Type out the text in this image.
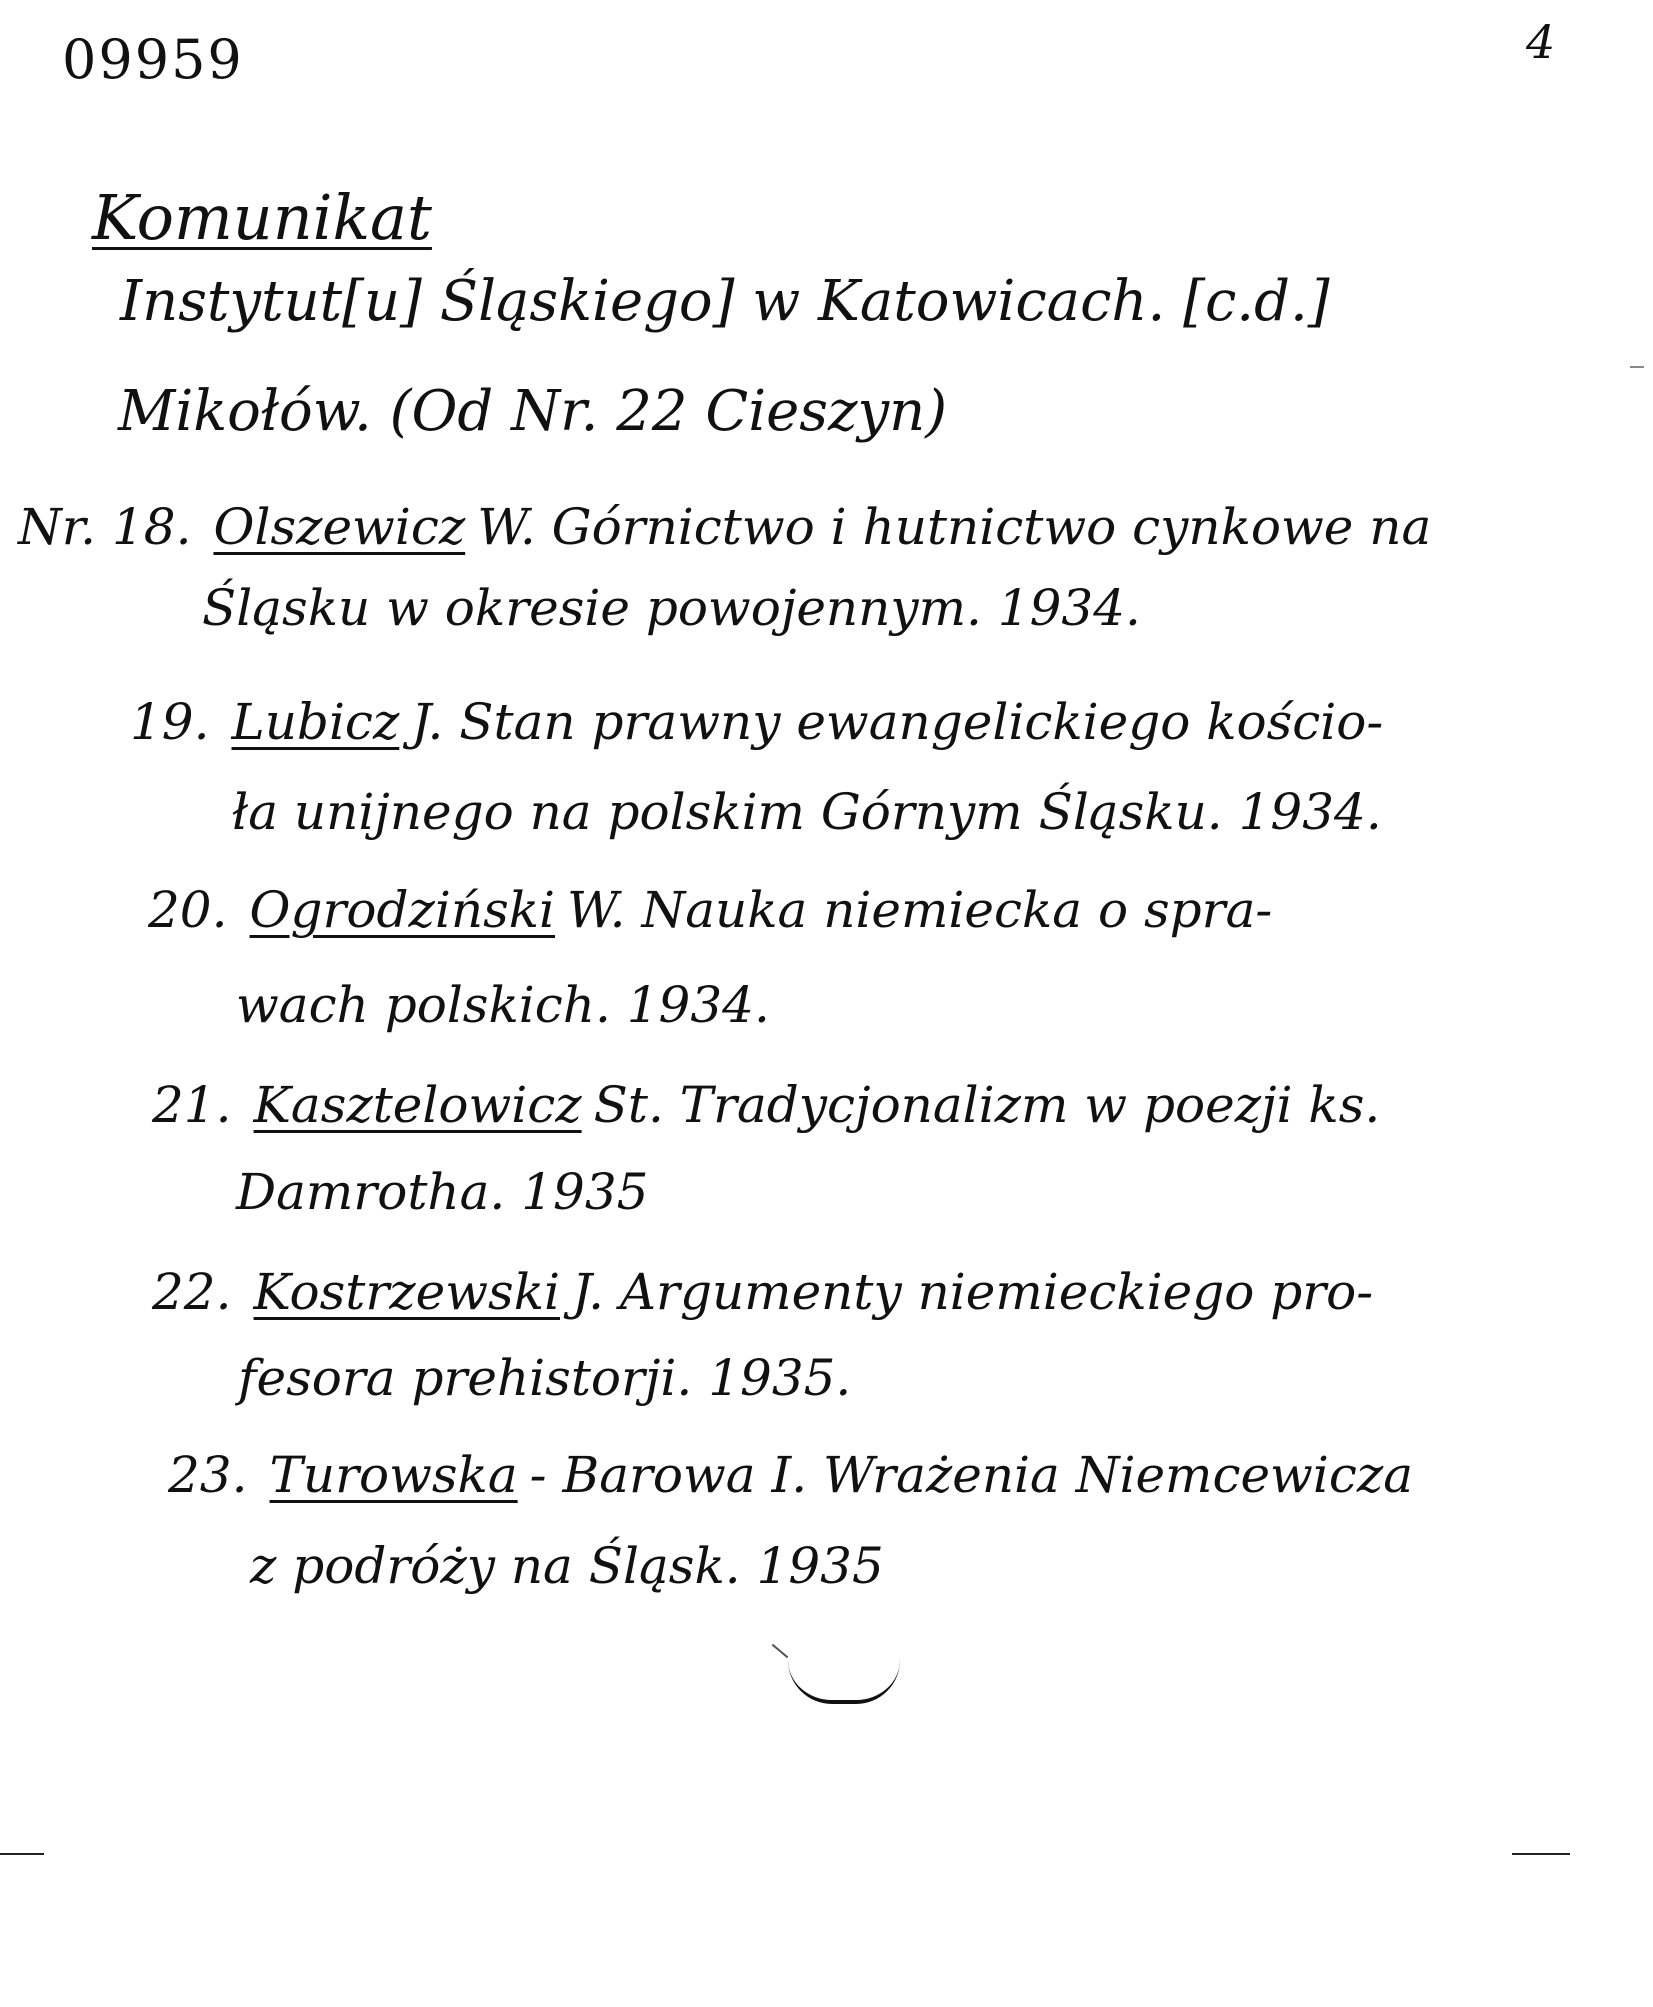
09959	4
Komunikat
Instytut[u] Śląskiego] w Katowicach. [c.d.]
Mikołów. (Od Nr. 22 Cieszyn)
Nr. 18. Olszewicz W. Górnictwo i hutnictwo cynkowe na
Śląsku w okresie powojennym. 1934.
19. Lubicz J. Stan prawny ewangelickiego kościo-
ła unijnego na polskim Górnym Śląsku. 1934.
20. Ogrodziński W. Nauka niemiecka o spra-
wach polskich. 1934.
21. Kasztelowicz St. Tradycjonalizm w poezji ks.
Damrotha. 1935
22. Kostrzewski J. Argumenty niemieckiego pro-
fesora prehistorji. 1935.
23. Turowska - Barowa I. Wrażenia Niemcewicza
z podróży na Śląsk. 1935
